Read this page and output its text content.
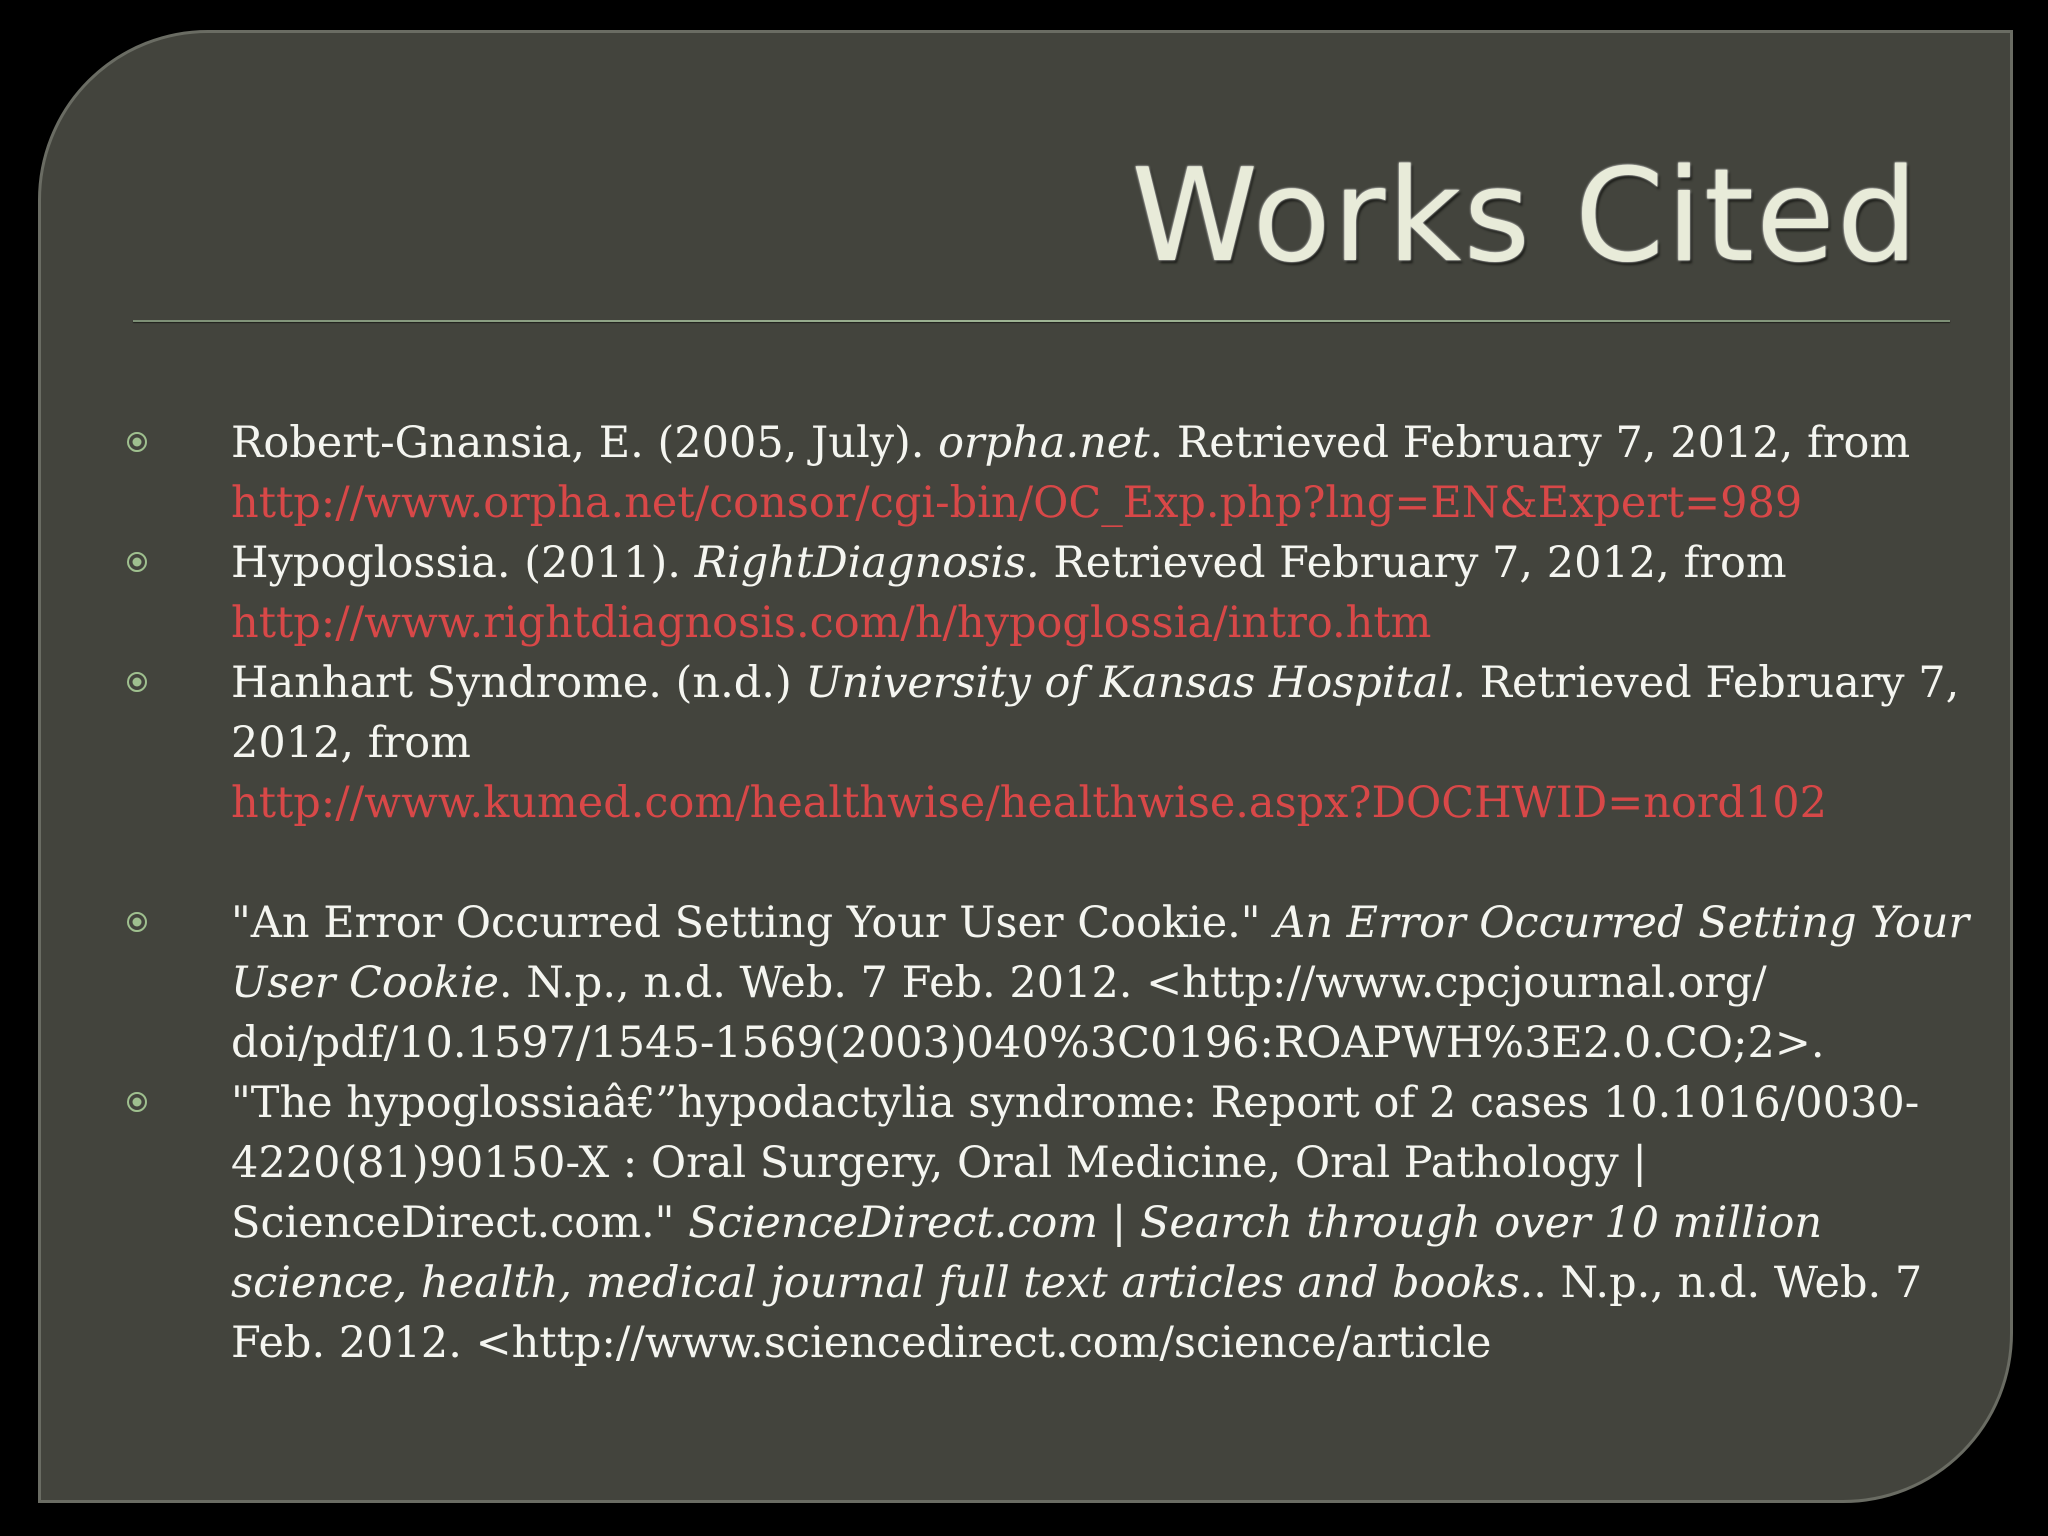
Works Cited
Robert-Gnansia, E. (2005, July). orpha.net. Retrieved February 7, 2012, from
http://www.orpha.net/consor/cgi-bin/OC_Exp.php?lng=EN&Expert=989
Hypoglossia. (2011). RightDiagnosis. Retrieved February 7, 2012, from
http://www.rightdiagnosis.com/h/hypoglossia/intro.htm
Hanhart Syndrome. (n.d.) University of Kansas Hospital. Retrieved February 7, 2012, from
http://www.kumed.com/healthwise/healthwise.aspx?DOCHWID=nord102
"An Error Occurred Setting Your User Cookie." An Error Occurred Setting Your User Cookie. N.p., n.d. Web. 7 Feb. 2012. <http://www.cpcjournal.org/ doi/pdf/10.1597/1545-1569(2003)040%3C0196:ROAPWH%3E2.0.CO;2>.
"The hypoglossiaâ€”hypodactylia syndrome: Report of 2 cases 10.1016/0030-4220(81)90150-X : Oral Surgery, Oral Medicine, Oral Pathology | ScienceDirect.com." ScienceDirect.com | Search through over 10 million science, health, medical journal full text articles and books.. N.p., n.d. Web. 7 Feb. 2012. <http://www.sciencedirect.com/science/article
